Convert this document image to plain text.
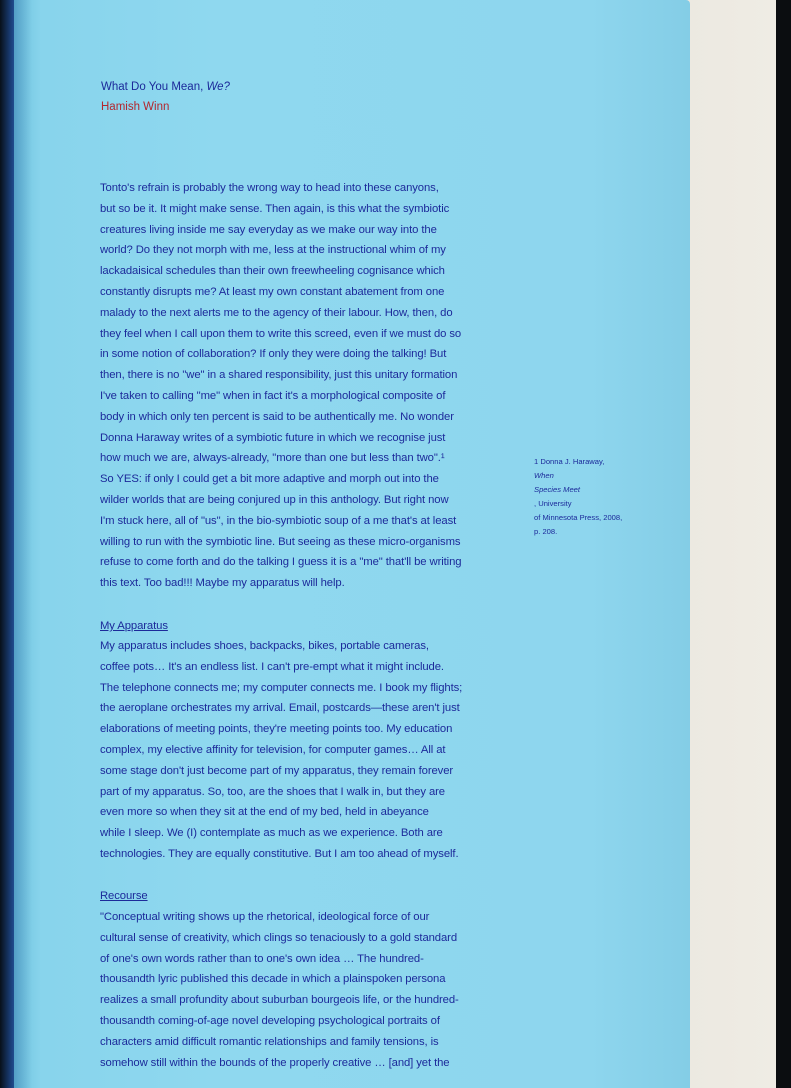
What Do You Mean, We?
Hamish Winn
Tonto's refrain is probably the wrong way to head into these canyons,
but so be it. It might make sense. Then again, is this what the symbiotic
creatures living inside me say everyday as we make our way into the
world? Do they not morph with me, less at the instructional whim of my
lackadaisical schedules than their own freewheeling cognisance which
constantly disrupts me? At least my own constant abatement from one
malady to the next alerts me to the agency of their labour. How, then, do
they feel when I call upon them to write this screed, even if we must do so
in some notion of collaboration? If only they were doing the talking! But
then, there is no "we" in a shared responsibility, just this unitary formation
I've taken to calling "me" when in fact it's a morphological composite of
body in which only ten percent is said to be authentically me. No wonder
Donna Haraway writes of a symbiotic future in which we recognise just
how much we are, always-already, "more than one but less than two".¹
So YES: if only I could get a bit more adaptive and morph out into the
wilder worlds that are being conjured up in this anthology. But right now
I'm stuck here, all of "us", in the bio-symbiotic soup of a me that's at least
willing to run with the symbiotic line. But seeing as these micro-organisms
refuse to come forth and do the talking I guess it is a "me" that'll be writing
this text. Too bad!!! Maybe my apparatus will help.
1 Donna J. Haraway,
When
Species Meet
, University
of Minnesota Press, 2008,
p. 208.
My Apparatus
My apparatus includes shoes, backpacks, bikes, portable cameras,
coffee pots… It's an endless list. I can't pre-empt what it might include.
The telephone connects me; my computer connects me. I book my flights;
the aeroplane orchestrates my arrival. Email, postcards—these aren't just
elaborations of meeting points, they're meeting points too. My education
complex, my elective affinity for television, for computer games… All at
some stage don't just become part of my apparatus, they remain forever
part of my apparatus. So, too, are the shoes that I walk in, but they are
even more so when they sit at the end of my bed, held in abeyance
while I sleep. We (I) contemplate as much as we experience. Both are
technologies. They are equally constitutive. But I am too ahead of myself.
Recourse
"Conceptual writing shows up the rhetorical, ideological force of our
cultural sense of creativity, which clings so tenaciously to a gold standard
of one's own words rather than to one's own idea … The hundred-
thousandth lyric published this decade in which a plainspoken persona
realizes a small profundity about suburban bourgeois life, or the hundred-
thousandth coming-of-age novel developing psychological portraits of
characters amid difficult romantic relationships and family tensions, is
somehow still within the bounds of the properly creative … [and] yet the
